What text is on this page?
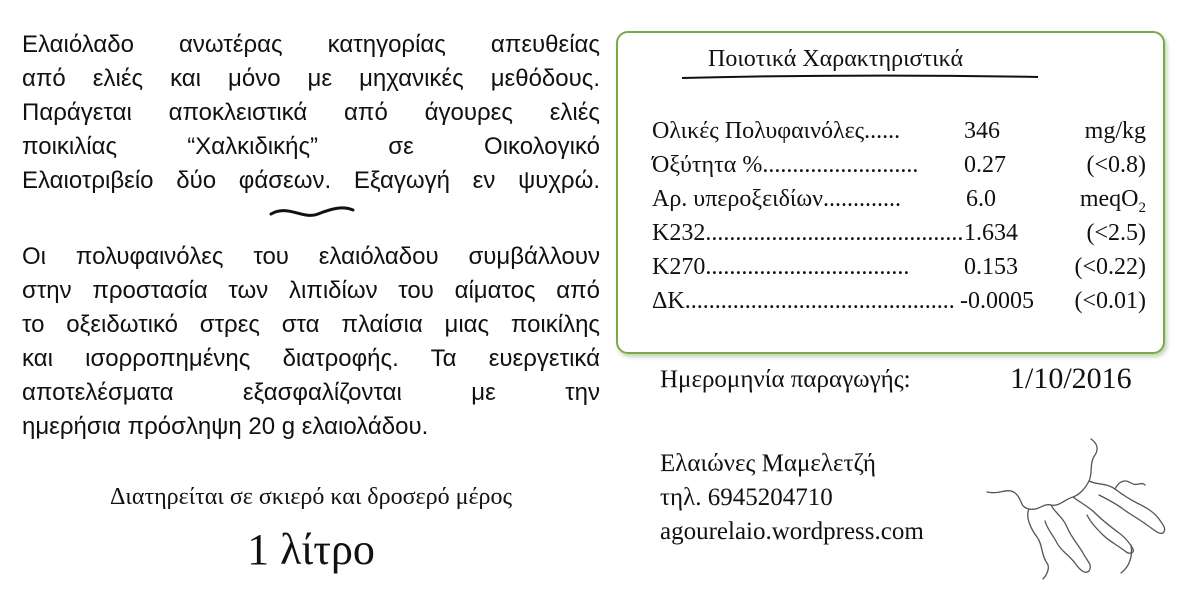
Ελαιόλαδο ανωτέρας κατηγορίας απευθείας
από ελιές και μόνο με μηχανικές μεθόδους.
Παράγεται αποκλειστικά από άγουρες ελιές
ποικιλίας “Χαλκιδικής” σε Οικολογικό
Ελαιοτριβείο δύο φάσεων. Εξαγωγή εν ψυχρώ.
Οι πολυφαινόλες του ελαιόλαδου συμβάλλουν
στην προστασία των λιπιδίων του αίματος από
το οξειδωτικό στρες στα πλαίσια μιας ποικίλης
και ισορροπημένης διατροφής. Τα ευεργετικά
αποτελέσματα εξασφαλίζονται με την
ημερήσια πρόσληψη 20 g ελαιολάδου.
Διατηρείται σε σκιερό και δροσερό μέρος
1 λίτρο
Ποιοτικά Χαρακτηριστικά
Ολικές Πολυφαινόλες......	346	mg/kg
Όξύτητα %.......................... 0.27	(<0.8)
Αρ. υπεροξειδίων.............	6.0	meqO$_2$
Κ232........................................... 1.634	(<2.5)
Κ270.................................. 0.153 (<0.22)
ΔΚ............................................. -0.0005 (<0.01)
Ημερομηνία παραγωγής:	1/10/2016
Ελαιώνες Μαμελετζή
τηλ. 6945204710
agourelaio.wordpress.com
